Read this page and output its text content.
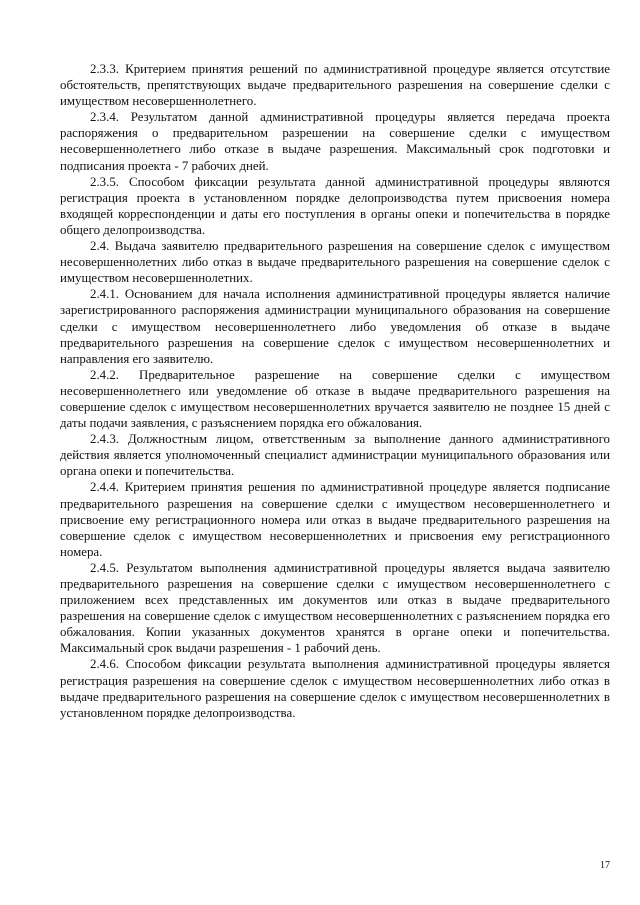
2.3.3. Критерием принятия решений по административной процедуре является отсутствие обстоятельств, препятствующих выдаче предварительного разрешения на совершение сделки с имуществом несовершеннолетнего.

2.3.4. Результатом данной административной процедуры является передача проекта распоряжения о предварительном разрешении на совершение сделки с имуществом несовершеннолетнего либо отказе в выдаче разрешения. Максимальный срок подготовки и подписания проекта - 7 рабочих дней.

2.3.5. Способом фиксации результата данной административной процедуры являются регистрация проекта в установленном порядке делопроизводства путем присвоения номера входящей корреспонденции и даты его поступления в органы опеки и попечительства в порядке общего делопроизводства.

2.4. Выдача заявителю предварительного разрешения на совершение сделок с имуществом несовершеннолетних либо отказ в выдаче предварительного разрешения на совершение сделок с имуществом несовершеннолетних.

2.4.1. Основанием для начала исполнения административной процедуры является наличие зарегистрированного распоряжения администрации муниципального образования на совершение сделки с имуществом несовершеннолетнего либо уведомления об отказе в выдаче предварительного разрешения на совершение сделок с имуществом несовершеннолетних и направления его заявителю.

2.4.2. Предварительное разрешение на совершение сделки с имуществом несовершеннолетнего или уведомление об отказе в выдаче предварительного разрешения на совершение сделок с имуществом несовершеннолетних вручается заявителю не позднее 15 дней с даты подачи заявления, с разъяснением порядка его обжалования.

2.4.3. Должностным лицом, ответственным за выполнение данного административного действия является уполномоченный специалист администрации муниципального образования или органа опеки и попечительства.

2.4.4. Критерием принятия решения по административной процедуре является подписание предварительного разрешения на совершение сделки с имуществом несовершеннолетнего и присвоение ему регистрационного номера или отказ в выдаче предварительного разрешения на совершение сделок с имуществом несовершеннолетних и присвоения ему регистрационного номера.

2.4.5. Результатом выполнения административной процедуры является выдача заявителю предварительного разрешения на совершение сделки с имуществом несовершеннолетнего с приложением всех представленных им документов или отказ в выдаче предварительного разрешения на совершение сделок с имуществом несовершеннолетних с разъяснением порядка его обжалования. Копии указанных документов хранятся в органе опеки и попечительства. Максимальный срок выдачи разрешения - 1 рабочий день.

2.4.6. Способом фиксации результата выполнения административной процедуры является регистрация разрешения на совершение сделок с имуществом несовершеннолетних либо отказ в выдаче предварительного разрешения на совершение сделок с имуществом несовершеннолетних в установленном порядке делопроизводства.

17
